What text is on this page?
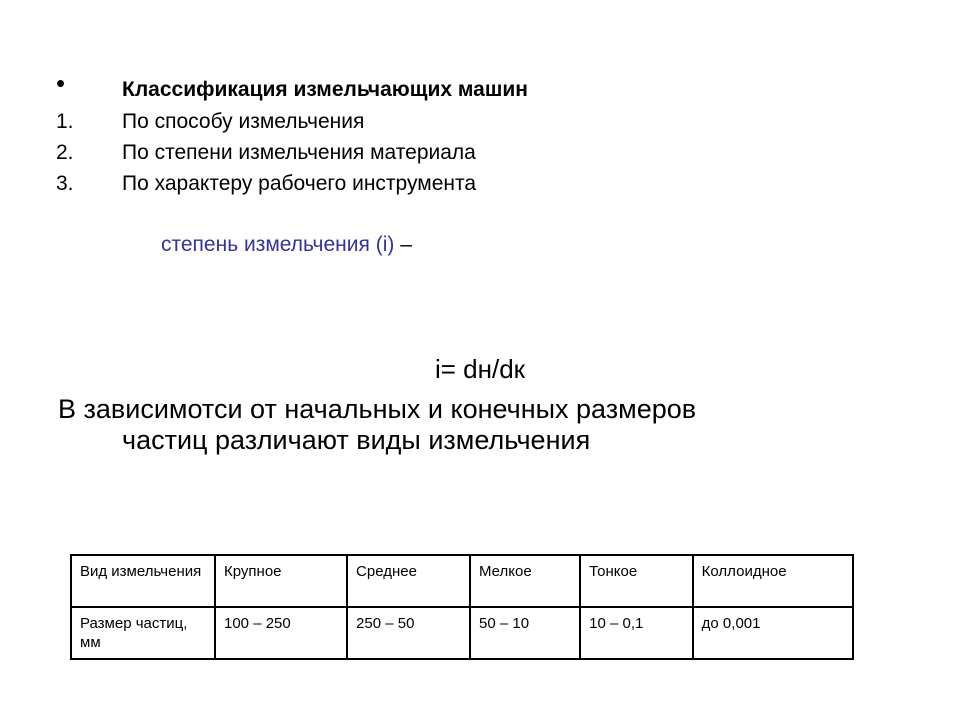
•	Классификация измельчающих машин
1. По способу измельчения
2. По степени измельчения материала
3. По характеру рабочего инструмента
степень измельчения (i) –
i= dн/dк
В зависимотси от начальных и конечных размеров
частиц различают виды измельчения
Вид измельчения	Крупное	Среднее	Мелкое	Тонкое	Коллоидное
Размер частиц, мм	100 – 250	250 – 50	50 – 10	10 – 0,1	до 0,001
